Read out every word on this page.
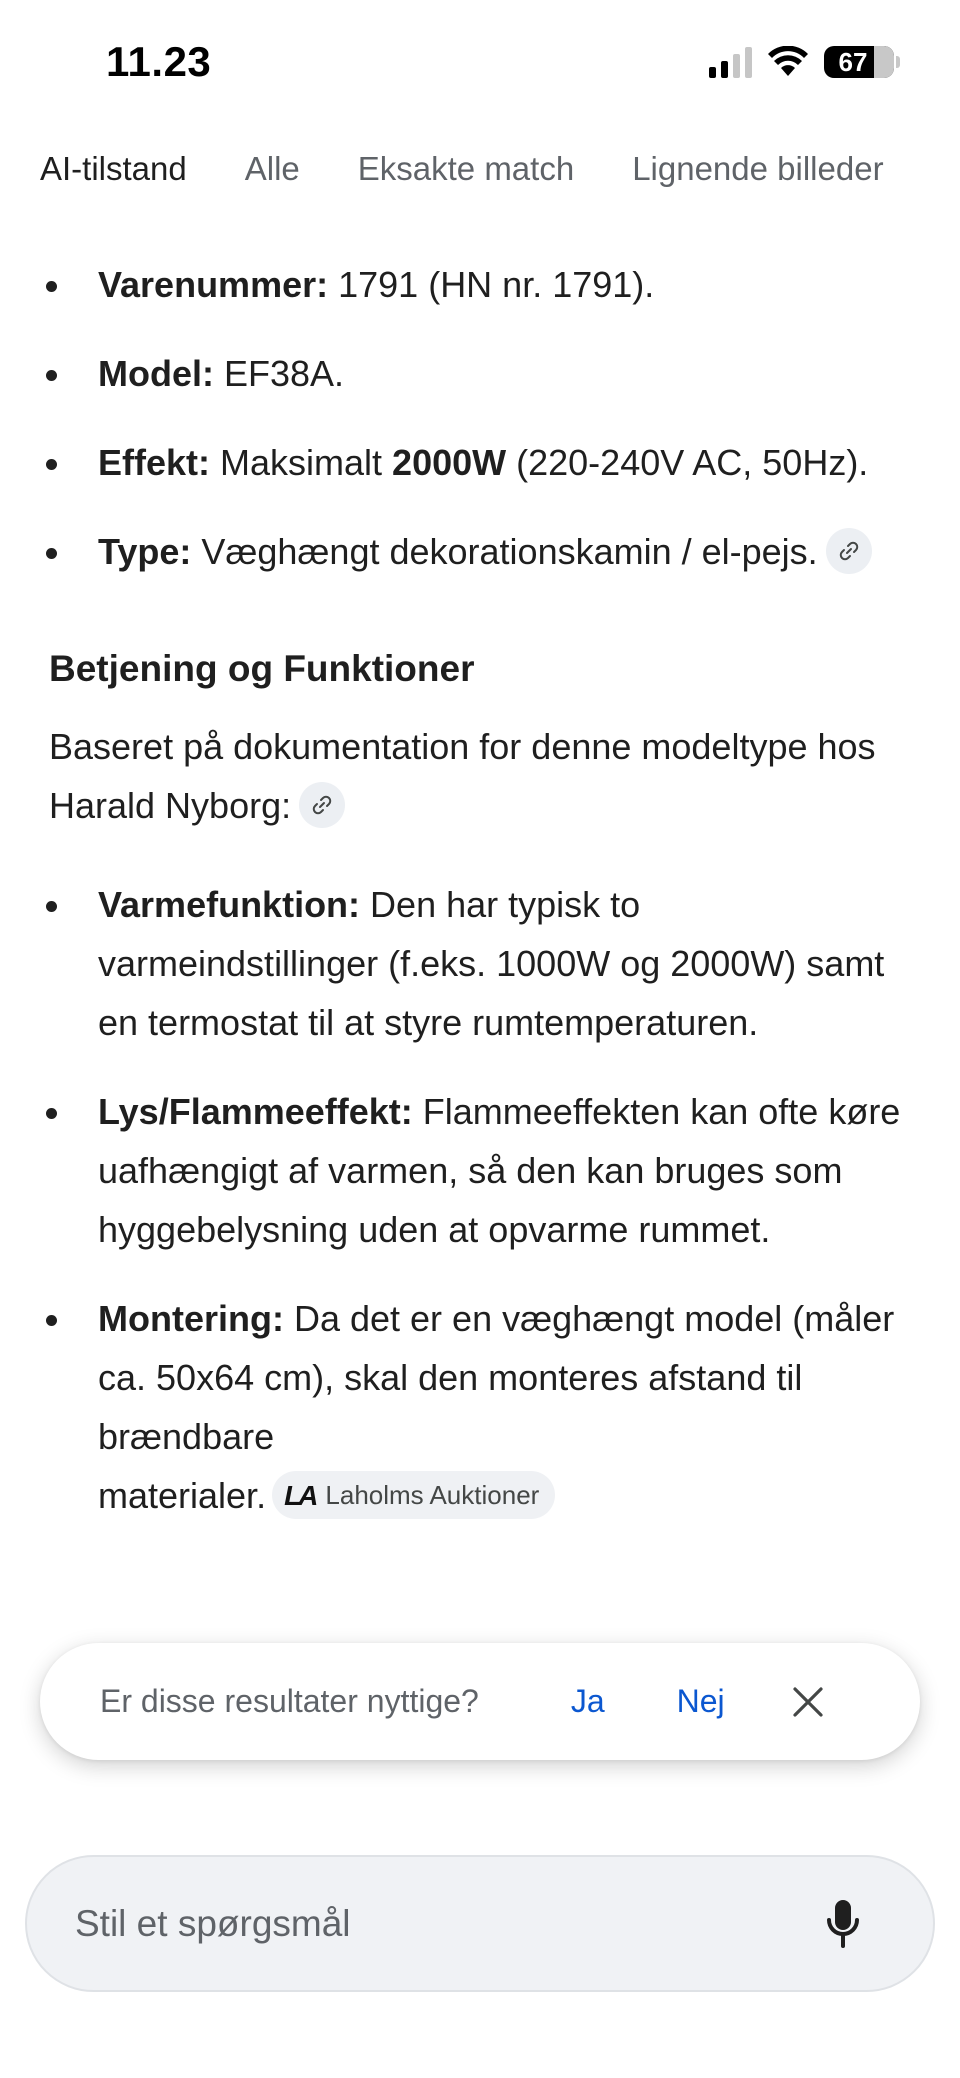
11.23	67
AI-tilstand Alle Eksakte match Lignende billeder
Varenummer: 1791 (HN nr. 1791).
Model: EF38A.
Effekt: Maksimalt 2000W (220-240V AC, 50Hz).
Type: Væghængt dekorationskamin / el-pejs.
Betjening og Funktioner
Baseret på dokumentation for denne modeltype hos Harald Nyborg:
Varmefunktion: Den har typisk to varmeindstillinger (f.eks. 1000W og 2000W) samt en termostat til at styre rumtemperaturen.
Lys/Flammeeffekt: Flammeeffekten kan ofte køre uafhængigt af varmen, så den kan bruges som hyggebelysning uden at opvarme rummet.
Montering: Da det er en væghængt model (måler ca. 50x64 cm), skal den monteres afstand til brændbare
materialer. LA Laholms Auktioner
Er disse resultater nyttige?	Ja Nej
Stil et spørgsmål
